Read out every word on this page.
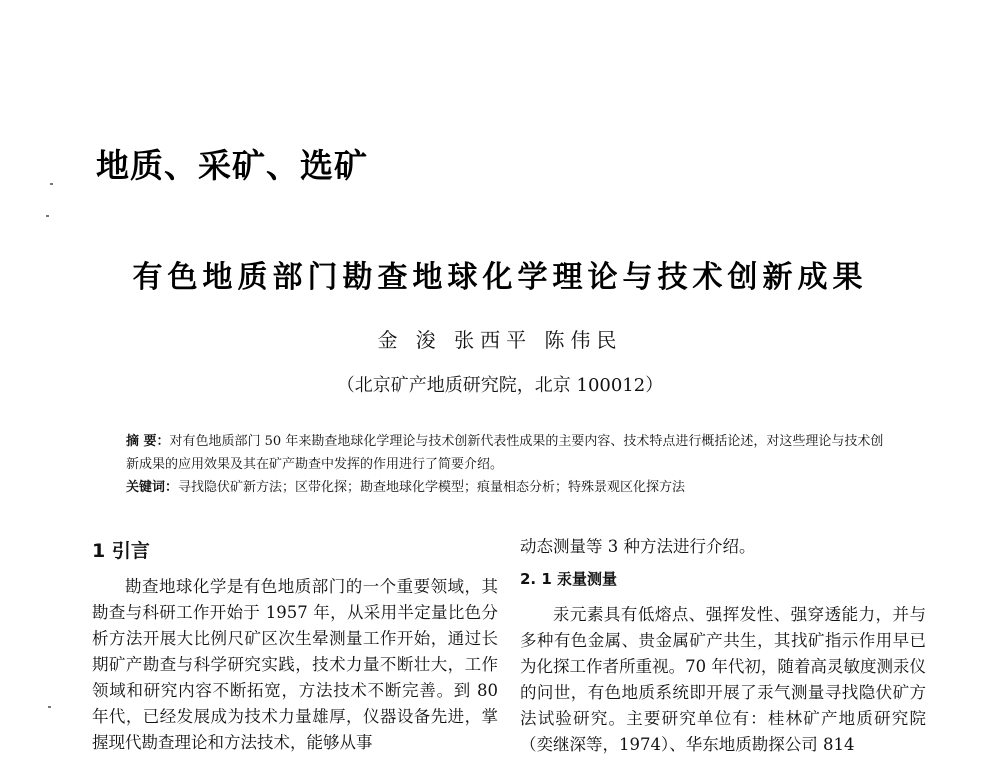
地质、采矿、选矿
有色地质部门勘查地球化学理论与技术创新成果
金 浚 张西平 陈伟民
（北京矿产地质研究院，北京 100012）
摘 要：对有色地质部门 50 年来勘查地球化学理论与技术创新代表性成果的主要内容、技术特点进行概括论述，对这些理论与技术创新成果的应用效果及其在矿产勘查中发挥的作用进行了简要介绍。
关键词：寻找隐伏矿新方法；区带化探；勘查地球化学模型；痕量相态分析；特殊景观区化探方法
1 引言

勘查地球化学是有色地质部门的一个重要领域，其勘查与科研工作开始于 1957 年，从采用半定量比色分析方法开展大比例尺矿区次生晕测量工作开始，通过长期矿产勘查与科学研究实践，技术力量不断壮大，工作领域和研究内容不断拓宽，方法技术不断完善。到 80 年代，已经发展成为技术力量雄厚，仪器设备先进，掌握现代勘查理论和方法技术，能够从事

动态测量等 3 种方法进行介绍。
2. 1 汞量测量

汞元素具有低熔点、强挥发性、强穿透能力，并与多种有色金属、贵金属矿产共生，其找矿指示作用早已为化探工作者所重视。70 年代初，随着高灵敏度测汞仪的问世，有色地质系统即开展了汞气测量寻找隐伏矿方法试验研究。主要研究单位有：桂林矿产地质研究院（奕继深等，1974）、华东地质勘探公司 814
